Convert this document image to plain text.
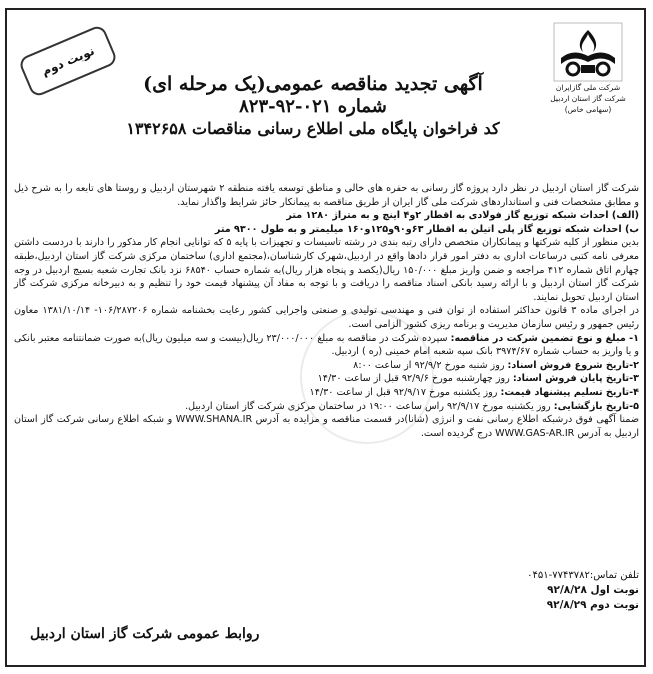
نوبت دوم
شرکت ملی گازایران
شرکت گاز استان اردبیل
(سهامی خاص)
آگهی تجدید مناقصه عمومی(یک مرحله ای)
شماره ۰۲۱-۹۲-۸۲۳
کد فراخوان پایگاه ملی اطلاع رسانی مناقصات ۱۳۴۲۶۵۸

شرکت گاز استان اردبیل در نظر دارد پروژه گاز رسانی به حفره های خالی و مناطق توسعه یافته منطقه ۲ شهرستان اردبیل و روستا های تابعه را به شرح ذیل و مطابق مشخصات فنی و استانداردهای شرکت ملی گاز ایران از طریق مناقصه به پیمانکار حائز شرایط واگذار نماید.

(الف) احداث شبکه توزیع گاز فولادی به اقطار ۲و۴ اینچ و به متراژ ۱۲۸۰ متر

ب) احداث شبکه توزیع گاز پلی اتیلن به اقطار ۶۳و۹۰و۱۲۵و۱۶۰ میلیمتر و به طول ۹۳۰۰ متر

بدین منظور از کلیه شرکتها و پیمانکاران متخصص دارای رتبه بندی در رشته تاسیسات و تجهیزات با پایه ۵ که توانایی انجام کار مذکور را دارند با دردست داشتن معرفی نامه کتبی درساعات اداری به دفتر امور قرار دادها واقع در اردبیل،شهرک کارشناسان،(مجتمع اداری) ساختمان مرکزی شرکت گاز استان اردبیل،طبقه چهارم اتاق شماره ۴۱۲ مراجعه و ضمن واریز مبلغ ۱۵۰/۰۰۰ ریال(یکصد و پنجاه هزار ریال)به شماره حساب ۶۸۵۴۰ نزد بانک تجارت شعبه بسیج اردبیل در وجه شرکت گاز استان اردبیل و با ارائه رسید بانکی اسناد مناقصه را دریافت و با توجه به مفاد آن پیشنهاد قیمت خود را تنظیم و به دبیرخانه مرکزی شرکت گاز استان اردبیل تحویل نمایند.

در اجرای ماده ۳ قانون حداکثر استفاده از توان فنی و مهندسی تولیدی و صنعتی واجرایی کشور رعایت بخشنامه شماره ۱۰۶/۲۸۷۲۰۶- ۱۳۸۱/۱۰/۱۴ معاون رئیس جمهور و رئیس سازمان مدیریت و برنامه ریزی کشور الزامی است.

۱- مبلغ و نوع تضمین شرکت در مناقصه: سپرده شرکت در مناقصه به مبلغ ۲۳/۰۰۰/۰۰۰ ریال(بیست و سه میلیون ریال)به صورت ضمانتنامه معتبر بانکی و یا واریز به حساب شماره ۳۹۷۴/۶۷ بانک سپه شعبه امام خمینی (ره ) اردبیل.

۲-تاریخ شروع فروش اسناد: روز شنبه مورخ ۹۲/۹/۲ از ساعت ۸:۰۰

۳-تاریخ پایان فروش اسناد: روز چهارشنبه مورخ ۹۲/۹/۶ قبل از ساعت ۱۴/۳۰

۴-تاریخ تسلیم پیشنهاد قیمت: روز یکشنبه مورخ ۹۲/۹/۱۷ قبل از ساعت ۱۴/۳۰

۵-تاریخ بازگشایی: روز یکشنبه مورخ ۹۲/۹/۱۷ راس ساعت ۱۹:۰۰ در ساختمان مرکزی شرکت گاز استان اردبیل.

ضمنا آگهی فوق درشبکه اطلاع رسانی نفت و انرژی (شانا)در قسمت مناقصه و مزایده به آدرس WWW.SHANA.IR و شبکه اطلاع رسانی شرکت گاز استان اردبیل به آدرس WWW.GAS-AR.IR درج گردیده است.

تلفن تماس:۷۷۴۳۷۸۲-۰۴۵۱
نوبت اول ۹۲/۸/۲۸
نوبت دوم ۹۲/۸/۲۹
روابط عمومی شرکت گاز استان اردبیل
